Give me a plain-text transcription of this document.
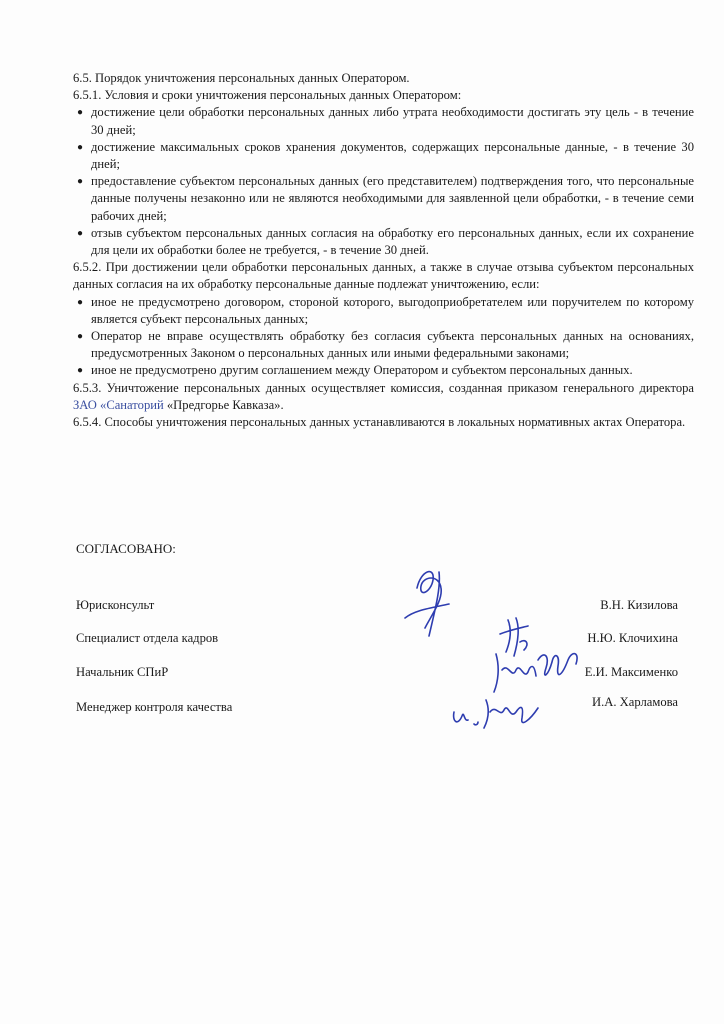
6.5. Порядок уничтожения персональных данных Оператором.

6.5.1. Условия и сроки уничтожения персональных данных Оператором:

● достижение цели обработки персональных данных либо утрата необходимости достигать эту цель - в течение 30 дней;
● достижение максимальных сроков хранения документов, содержащих персональные данные, - в течение 30 дней;
● предоставление субъектом персональных данных (его представителем) подтверждения того, что персональные данные получены незаконно или не являются необходимыми для заявленной цели обработки, - в течение семи рабочих дней;
● отзыв субъектом персональных данных согласия на обработку его персональных данных, если их сохранение для цели их обработки более не требуется, - в течение 30 дней.

6.5.2. При достижении цели обработки персональных данных, а также в случае отзыва субъектом персональных данных согласия на их обработку персональные данные подлежат уничтожению, если:

● иное не предусмотрено договором, стороной которого, выгодоприобретателем или поручителем по которому является субъект персональных данных;
● Оператор не вправе осуществлять обработку без согласия субъекта персональных данных на основаниях, предусмотренных Законом о персональных данных или иными федеральными законами;
● иное не предусмотрено другим соглашением между Оператором и субъектом персональных данных.

6.5.3. Уничтожение персональных данных осуществляет комиссия, созданная приказом генерального директора ЗАО «Санаторий «Предгорье Кавказа».

6.5.4. Способы уничтожения персональных данных устанавливаются в локальных нормативных актах Оператора.

СОГЛАСОВАНО:
Юрисконсульт	В.Н. Кизилова
Специалист отдела кадров	Н.Ю. Клочихина
Начальник СПиР	Е.И. Максименко
Менеджер контроля качества	И.А. Харламова
